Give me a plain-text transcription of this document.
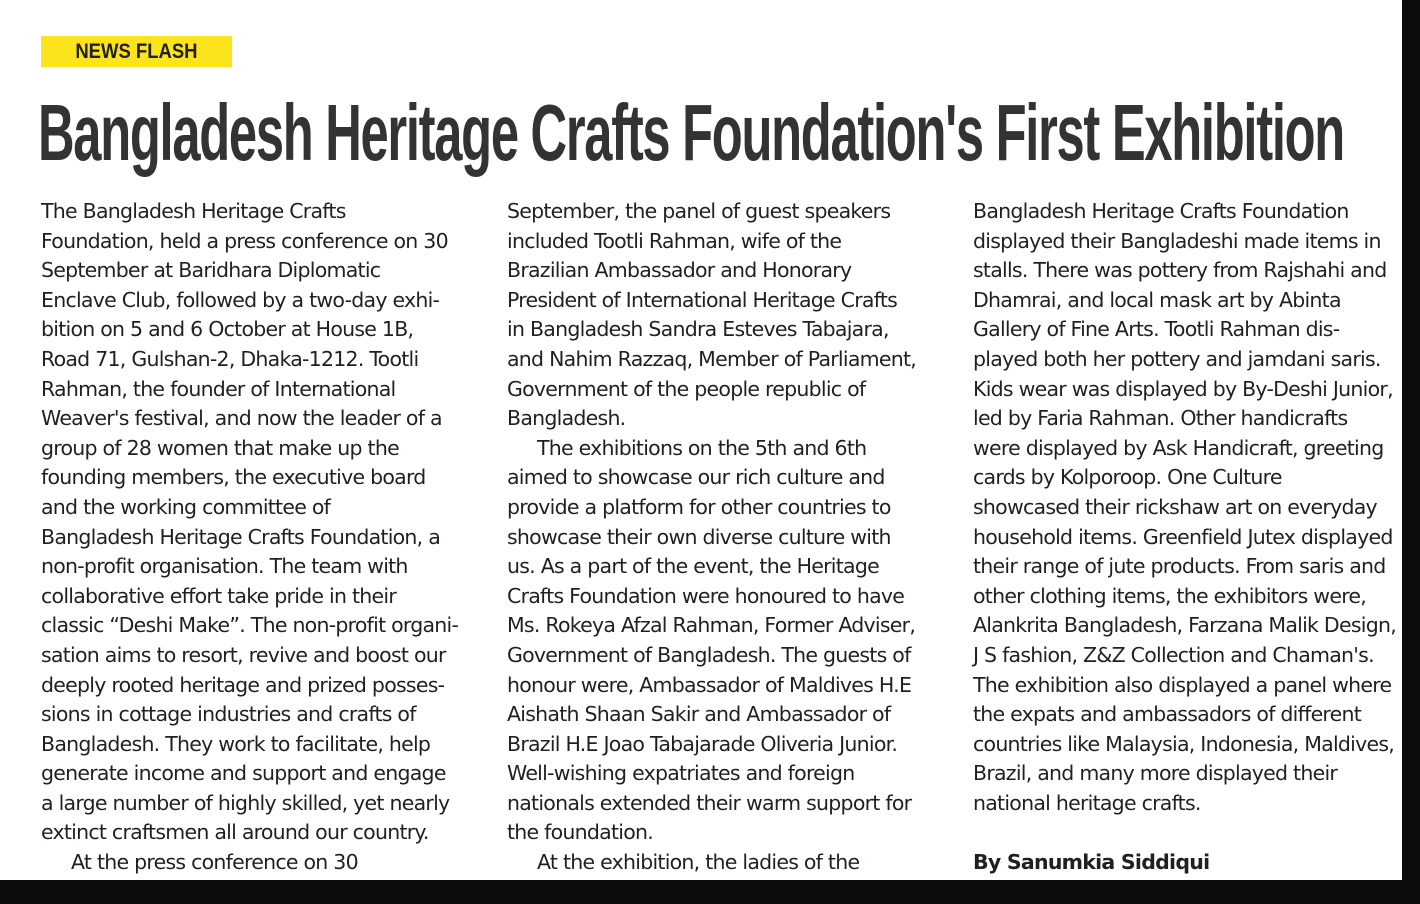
NEWS FLASH
Bangladesh Heritage Crafts Foundation's First Exhibition
The Bangladesh Heritage Crafts
Foundation, held a press conference on 30
September at Baridhara Diplomatic
Enclave Club, followed by a two-day exhi-
bition on 5 and 6 October at House 1B,
Road 71, Gulshan-2, Dhaka-1212. Tootli
Rahman, the founder of International
Weaver's festival, and now the leader of a
group of 28 women that make up the
founding members, the executive board
and the working committee of
Bangladesh Heritage Crafts Foundation, a
non-profit organisation. The team with
collaborative effort take pride in their
classic “Deshi Make”. The non-profit organi-
sation aims to resort, revive and boost our
deeply rooted heritage and prized posses-
sions in cottage industries and crafts of
Bangladesh. They work to facilitate, help
generate income and support and engage
a large number of highly skilled, yet nearly
extinct craftsmen all around our country.
At the press conference on 30
September, the panel of guest speakers
included Tootli Rahman, wife of the
Brazilian Ambassador and Honorary
President of International Heritage Crafts
in Bangladesh Sandra Esteves Tabajara,
and Nahim Razzaq, Member of Parliament,
Government of the people republic of
Bangladesh.
The exhibitions on the 5th and 6th
aimed to showcase our rich culture and
provide a platform for other countries to
showcase their own diverse culture with
us. As a part of the event, the Heritage
Crafts Foundation were honoured to have
Ms. Rokeya Afzal Rahman, Former Adviser,
Government of Bangladesh. The guests of
honour were, Ambassador of Maldives H.E
Aishath Shaan Sakir and Ambassador of
Brazil H.E Joao Tabajarade Oliveria Junior.
Well-wishing expatriates and foreign
nationals extended their warm support for
the foundation.
At the exhibition, the ladies of the
Bangladesh Heritage Crafts Foundation
displayed their Bangladeshi made items in
stalls. There was pottery from Rajshahi and
Dhamrai, and local mask art by Abinta
Gallery of Fine Arts. Tootli Rahman dis-
played both her pottery and jamdani saris.
Kids wear was displayed by By-Deshi Junior,
led by Faria Rahman. Other handicrafts
were displayed by Ask Handicraft, greeting
cards by Kolporoop. One Culture
showcased their rickshaw art on everyday
household items. Greenfield Jutex displayed
their range of jute products. From saris and
other clothing items, the exhibitors were,
Alankrita Bangladesh, Farzana Malik Design,
J S fashion, Z&Z Collection and Chaman's.
The exhibition also displayed a panel where
the expats and ambassadors of different
countries like Malaysia, Indonesia, Maldives,
Brazil, and many more displayed their
national heritage crafts.
By Sanumkia Siddiqui
